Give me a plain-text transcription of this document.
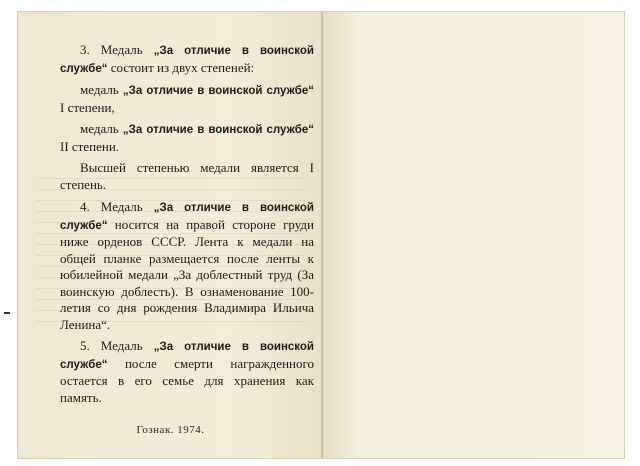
3. Медаль „За отличие в воинской службе“ состоит из двух степеней:

медаль „За отличие в воинской службе“ I степени,

медаль „За отличие в воинской службе“ II степени.

Высшей степенью медали является I степень.

4. Медаль „За отличие в воинской службе“ носится на правой стороне груди ниже орденов СССР. Лента к медали на общей планке размещается после ленты к юбилейной медали „За доблестный труд (За воинскую доблесть). В ознаменование 100-летия со дня рождения Владимира Ильича Ленина“.

5. Медаль „За отличие в воинской службе“ после смерти награжденного остается в его семье для хранения как память.

Гознак. 1974.
